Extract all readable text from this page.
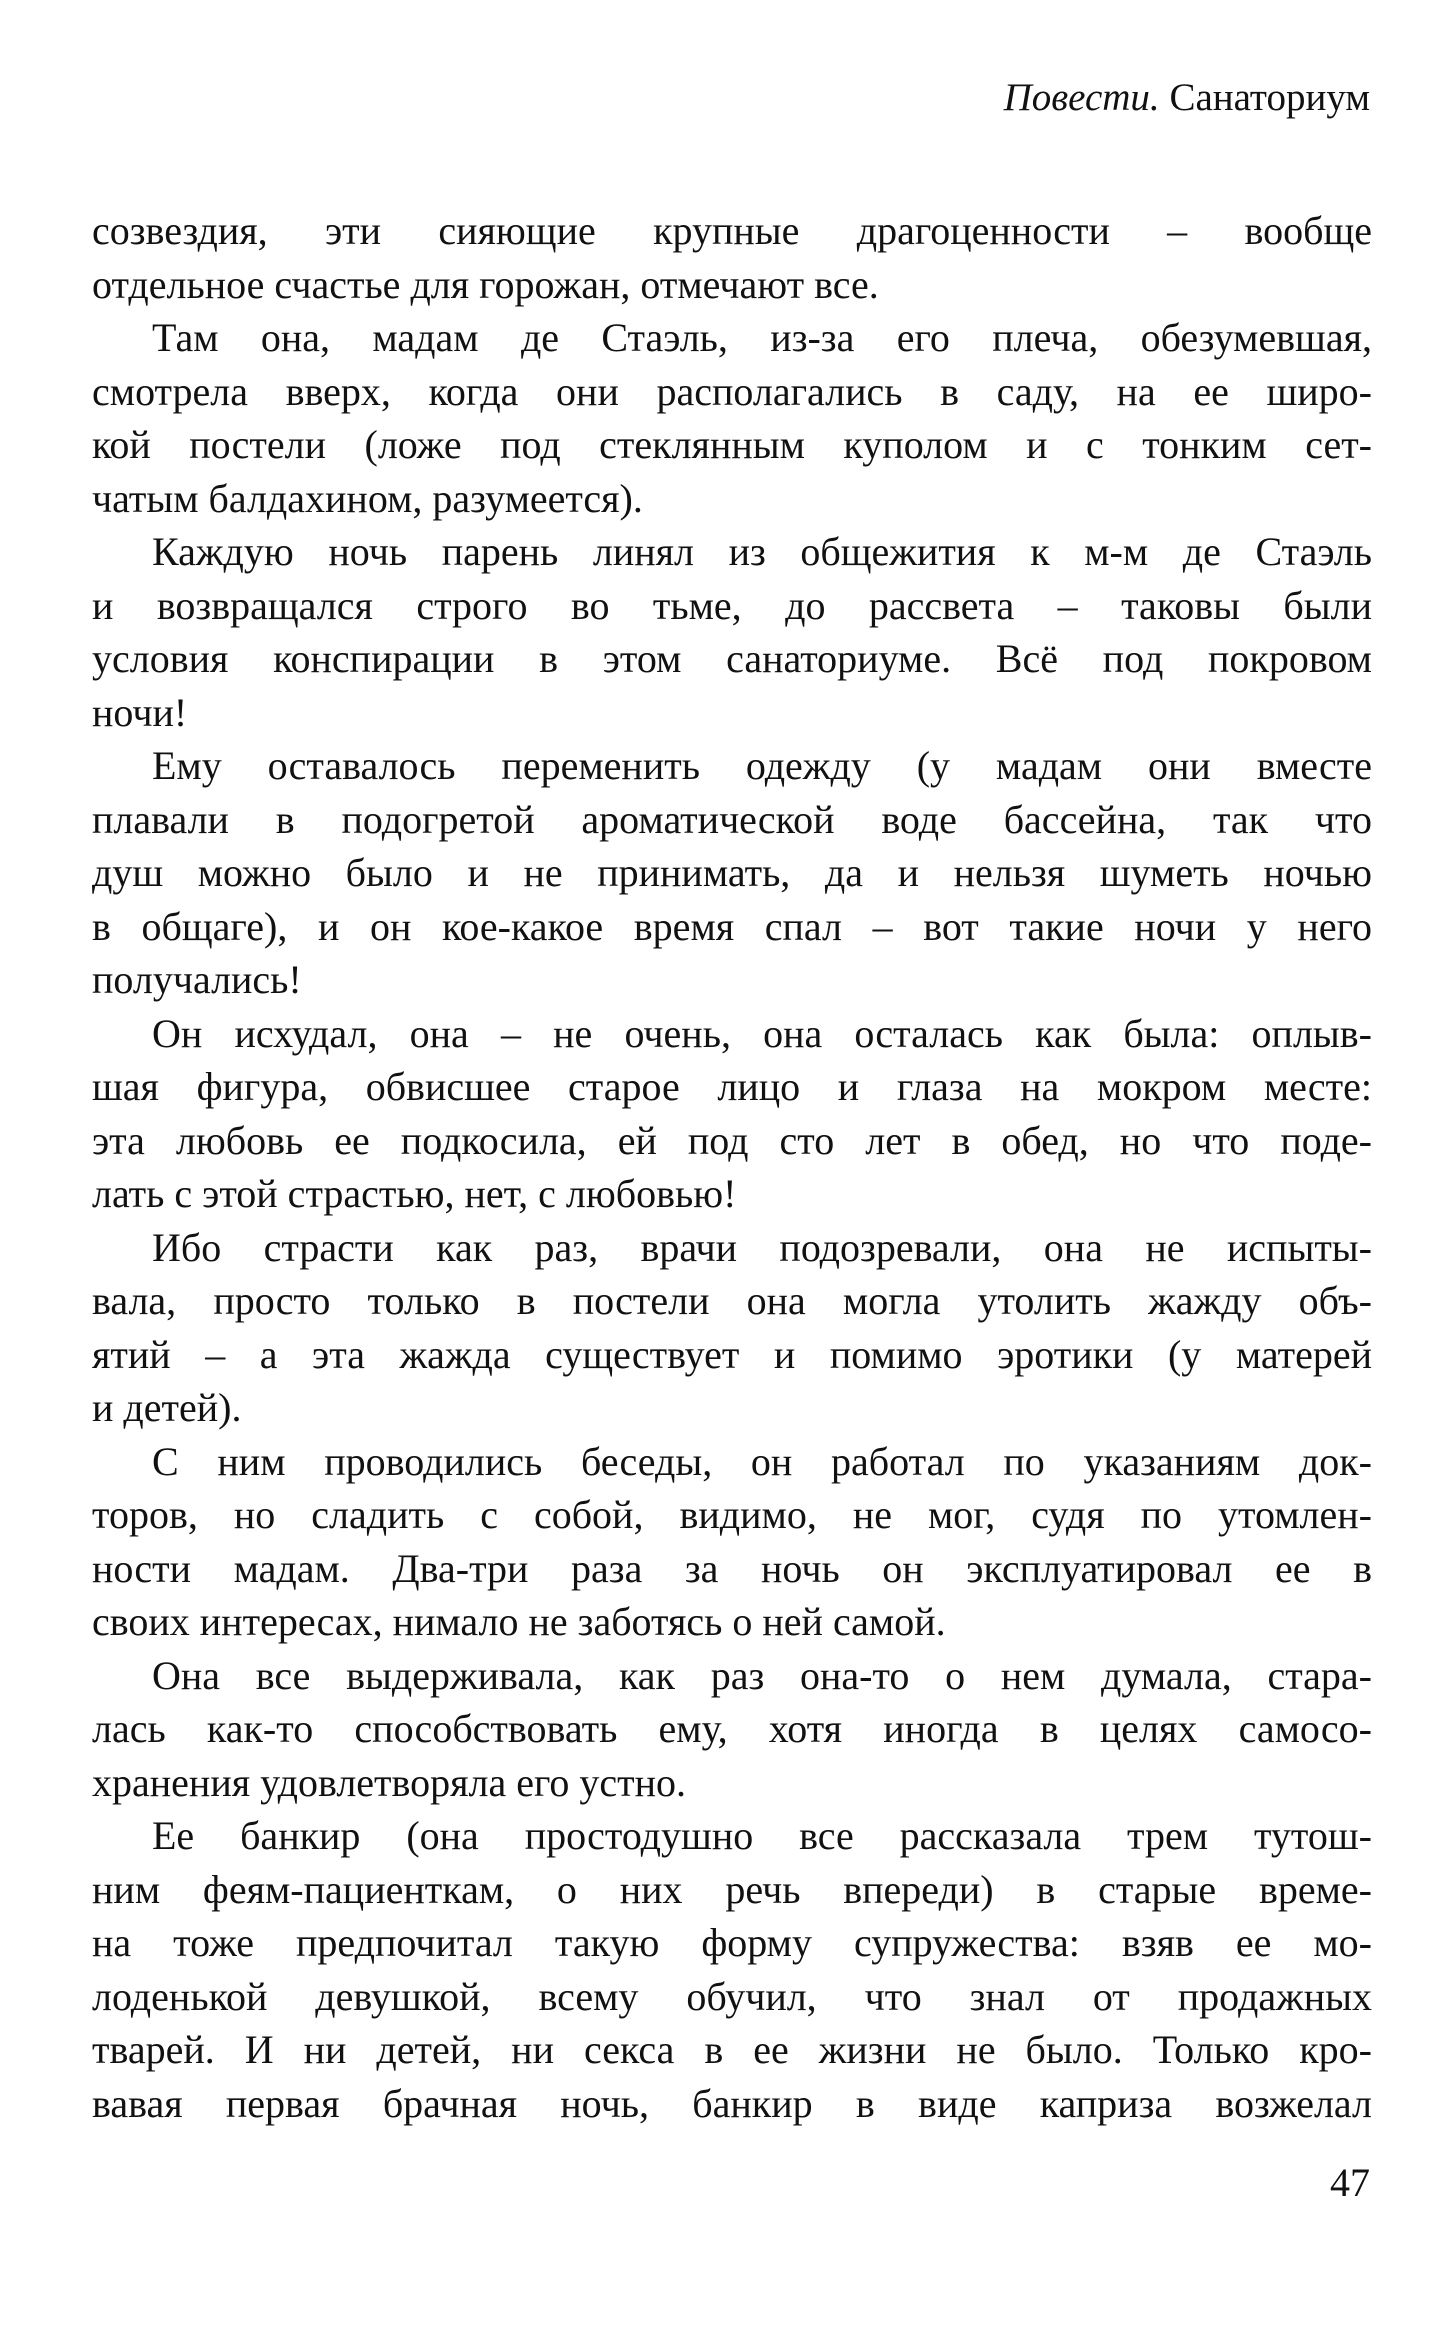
Повести. Санаториум
созвездия, эти сияющие крупные драгоценности – вообще
отдельное счастье для горожан, отмечают все.
Там она, мадам де Стаэль, из-за его плеча, обезумевшая,
смотрела вверх, когда они располагались в саду, на ее широ-
кой постели (ложе под стеклянным куполом и с тонким сет-
чатым балдахином, разумеется).
Каждую ночь парень линял из общежития к м-м де Стаэль
и возвращался строго во тьме, до рассвета – таковы были
условия конспирации в этом санаториуме. Всё под покровом
ночи!
Ему оставалось переменить одежду (у мадам они вместе
плавали в подогретой ароматической воде бассейна, так что
душ можно было и не принимать, да и нельзя шуметь ночью
в общаге), и он кое-какое время спал – вот такие ночи у него
получались!
Он исхудал, она – не очень, она осталась как была: оплыв-
шая фигура, обвисшее старое лицо и глаза на мокром месте:
эта любовь ее подкосила, ей под сто лет в обед, но что поде-
лать с этой страстью, нет, с любовью!
Ибо страсти как раз, врачи подозревали, она не испыты-
вала, просто только в постели она могла утолить жажду объ-
ятий – а эта жажда существует и помимо эротики (у матерей
и детей).
С ним проводились беседы, он работал по указаниям док-
торов, но сладить с собой, видимо, не мог, судя по утомлен-
ности мадам. Два-три раза за ночь он эксплуатировал ее в
своих интересах, нимало не заботясь о ней самой.
Она все выдерживала, как раз она-то о нем думала, стара-
лась как-то способствовать ему, хотя иногда в целях самосо-
хранения удовлетворяла его устно.
Ее банкир (она простодушно все рассказала трем тутош-
ним феям-пациенткам, о них речь впереди) в старые време-
на тоже предпочитал такую форму супружества: взяв ее мо-
лоденькой девушкой, всему обучил, что знал от продажных
тварей. И ни детей, ни секса в ее жизни не было. Только кро-
вавая первая брачная ночь, банкир в виде каприза возжелал
47
